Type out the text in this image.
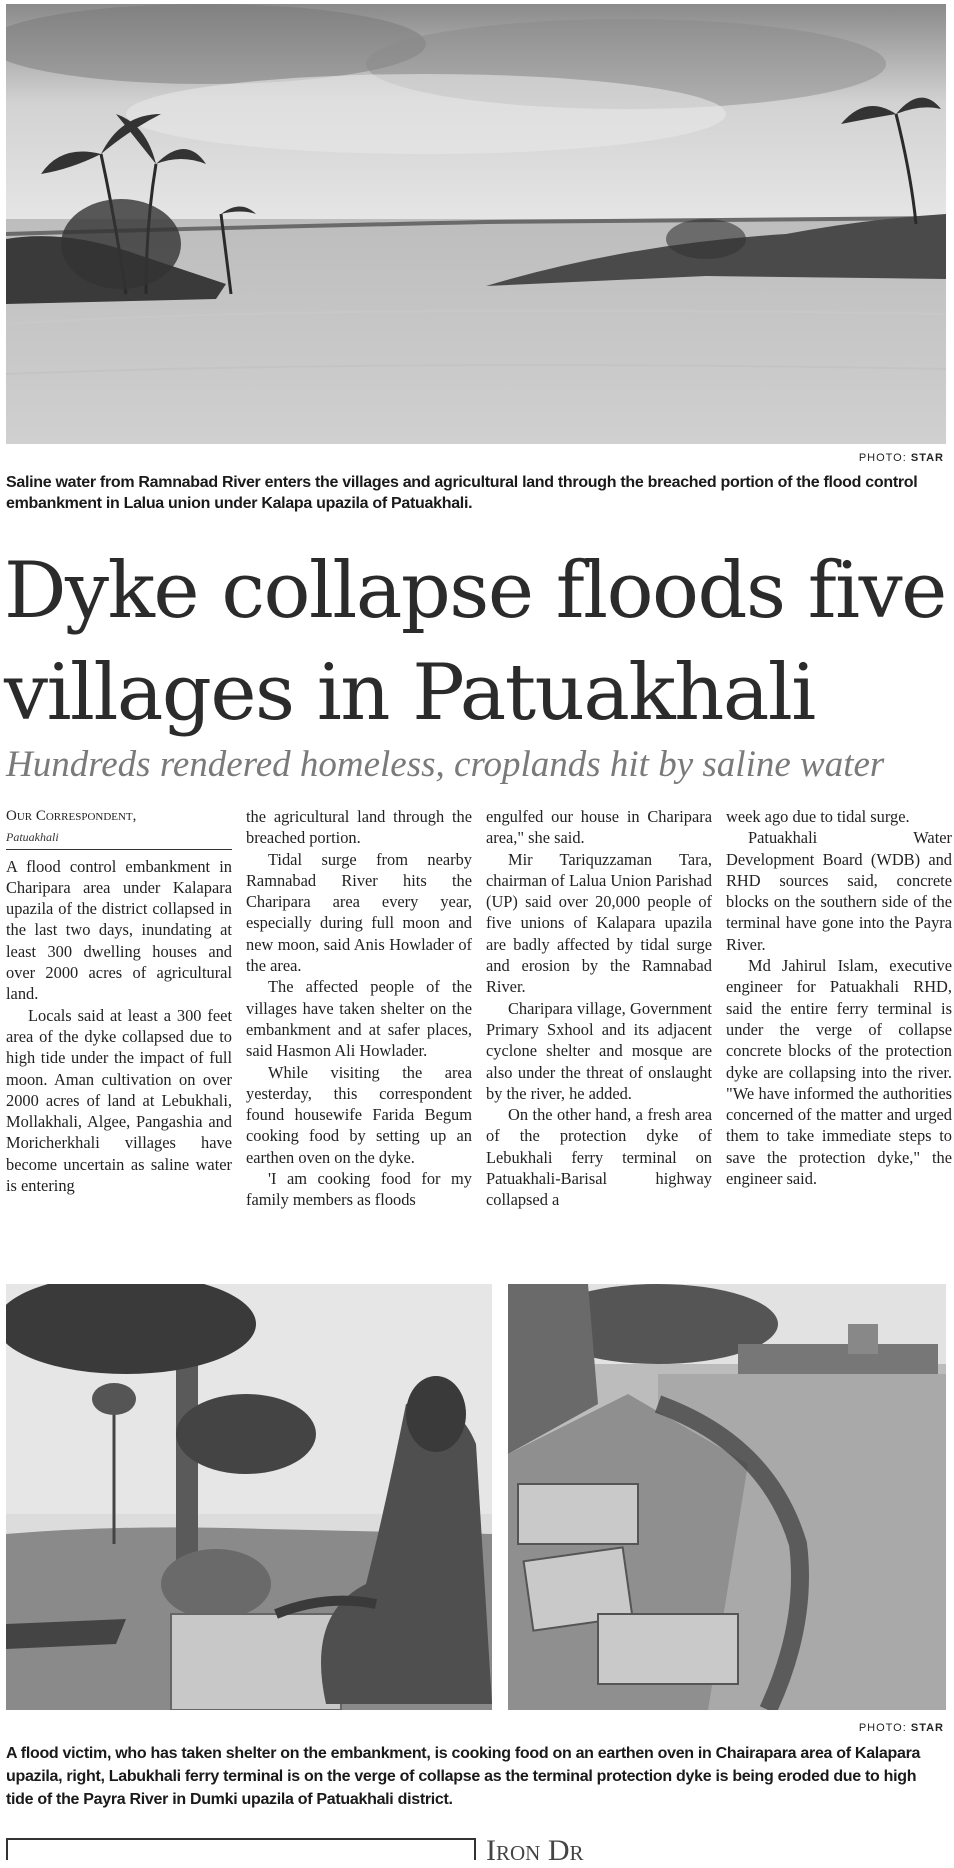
PHOTO: STAR
Saline water from Ramnabad River enters the villages and agricultural land through the breached portion of the flood control embankment in Lalua union under Kalapa upazila of Patuakhali.
Dyke collapse floods five
villages in Patuakhali
Hundreds rendered homeless, croplands hit by saline water

Our Correspondent,

Patuakhali

A flood control embankment in Charipara area under Kalapara upazila of the district collapsed in the last two days, inundating at least 300 dwelling houses and over 2000 acres of agricultural land.

Locals said at least a 300 feet area of the dyke collapsed due to high tide under the impact of full moon. Aman cultivation on over 2000 acres of land at Lebukhali, Mollakhali, Algee, Pangashia and Moricherkhali villages have become uncertain as saline water is entering

the agricultural land through the breached portion.

Tidal surge from nearby Ramnabad River hits the Charipara area every year, especially during full moon and new moon, said Anis Howlader of the area.

The affected people of the villages have taken shelter on the embankment and at safer places, said Hasmon Ali Howlader.

While visiting the area yesterday, this correspondent found housewife Farida Begum cooking food by setting up an earthen oven on the dyke.

'I am cooking food for my family members as floods

engulfed our house in Charipara area," she said.

Mir Tariquzzaman Tara, chairman of Lalua Union Parishad (UP) said over 20,000 people of five unions of Kalapara upazila are badly affected by tidal surge and erosion by the Ramnabad River.

Charipara village, Government Primary Sxhool and its adjacent cyclone shelter and mosque are also under the threat of onslaught by the river, he added.

On the other hand, a fresh area of the protection dyke of Lebukhali ferry terminal on Patuakhali-Barisal highway collapsed a

week ago due to tidal surge.

Patuakhali Water Development Board (WDB) and RHD sources said, concrete blocks on the southern side of the terminal have gone into the Payra River.

Md Jahirul Islam, executive engineer for Patuakhali RHD, said the entire ferry terminal is under the verge of collapse concrete blocks of the protection dyke are collapsing into the river. "We have informed the authorities concerned of the matter and urged them to take immediate steps to save the protection dyke," the engineer said.

PHOTO: STAR
A flood victim, who has taken shelter on the embankment, is cooking food on an earthen oven in Chairapara area of Kalapara upazila, right, Labukhali ferry terminal is on the verge of collapse as the terminal protection dyke is being eroded due to high tide of the Payra River in Dumki upazila of Patuakhali district.
Iron Dr
